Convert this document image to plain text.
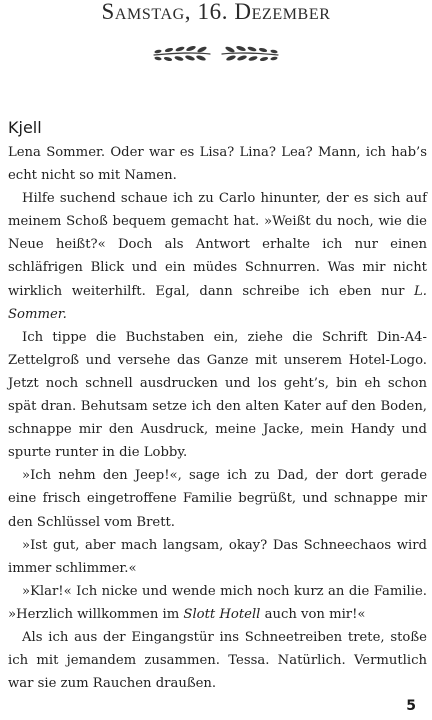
Samstag, 16. Dezember
Kjell

Lena Sommer. Oder war es Lisa? Lina? Lea? Mann, ich hab’s echt nicht so mit Namen.

Hilfe suchend schaue ich zu Carlo hinunter, der es sich auf meinem Schoß bequem gemacht hat. »Weißt du noch, wie die Neue heißt?« Doch als Antwort erhalte ich nur einen schläfrigen Blick und ein müdes Schnurren. Was mir nicht wirklich weiterhilft. Egal, dann schreibe ich eben nur L. Sommer.

Ich tippe die Buchstaben ein, ziehe die Schrift Din-A4-Zettelgroß und versehe das Ganze mit unserem Hotel-Logo. Jetzt noch schnell ausdrucken und los geht’s, bin eh schon spät dran. Behutsam setze ich den alten Kater auf den Boden, schnappe mir den Ausdruck, meine Jacke, mein Handy und spurte runter in die Lobby.

»Ich nehm den Jeep!«, sage ich zu Dad, der dort gerade eine frisch eingetroffene Familie begrüßt, und schnappe mir den Schlüssel vom Brett.

»Ist gut, aber mach langsam, okay? Das Schneechaos wird immer schlimmer.«

»Klar!« Ich nicke und wende mich noch kurz an die Familie. »Herzlich willkommen im Slott Hotell auch von mir!«

Als ich aus der Eingangstür ins Schneetreiben trete, stoße ich mit jemandem zusammen. Tessa. Natürlich. Vermutlich war sie zum Rauchen draußen.

5
